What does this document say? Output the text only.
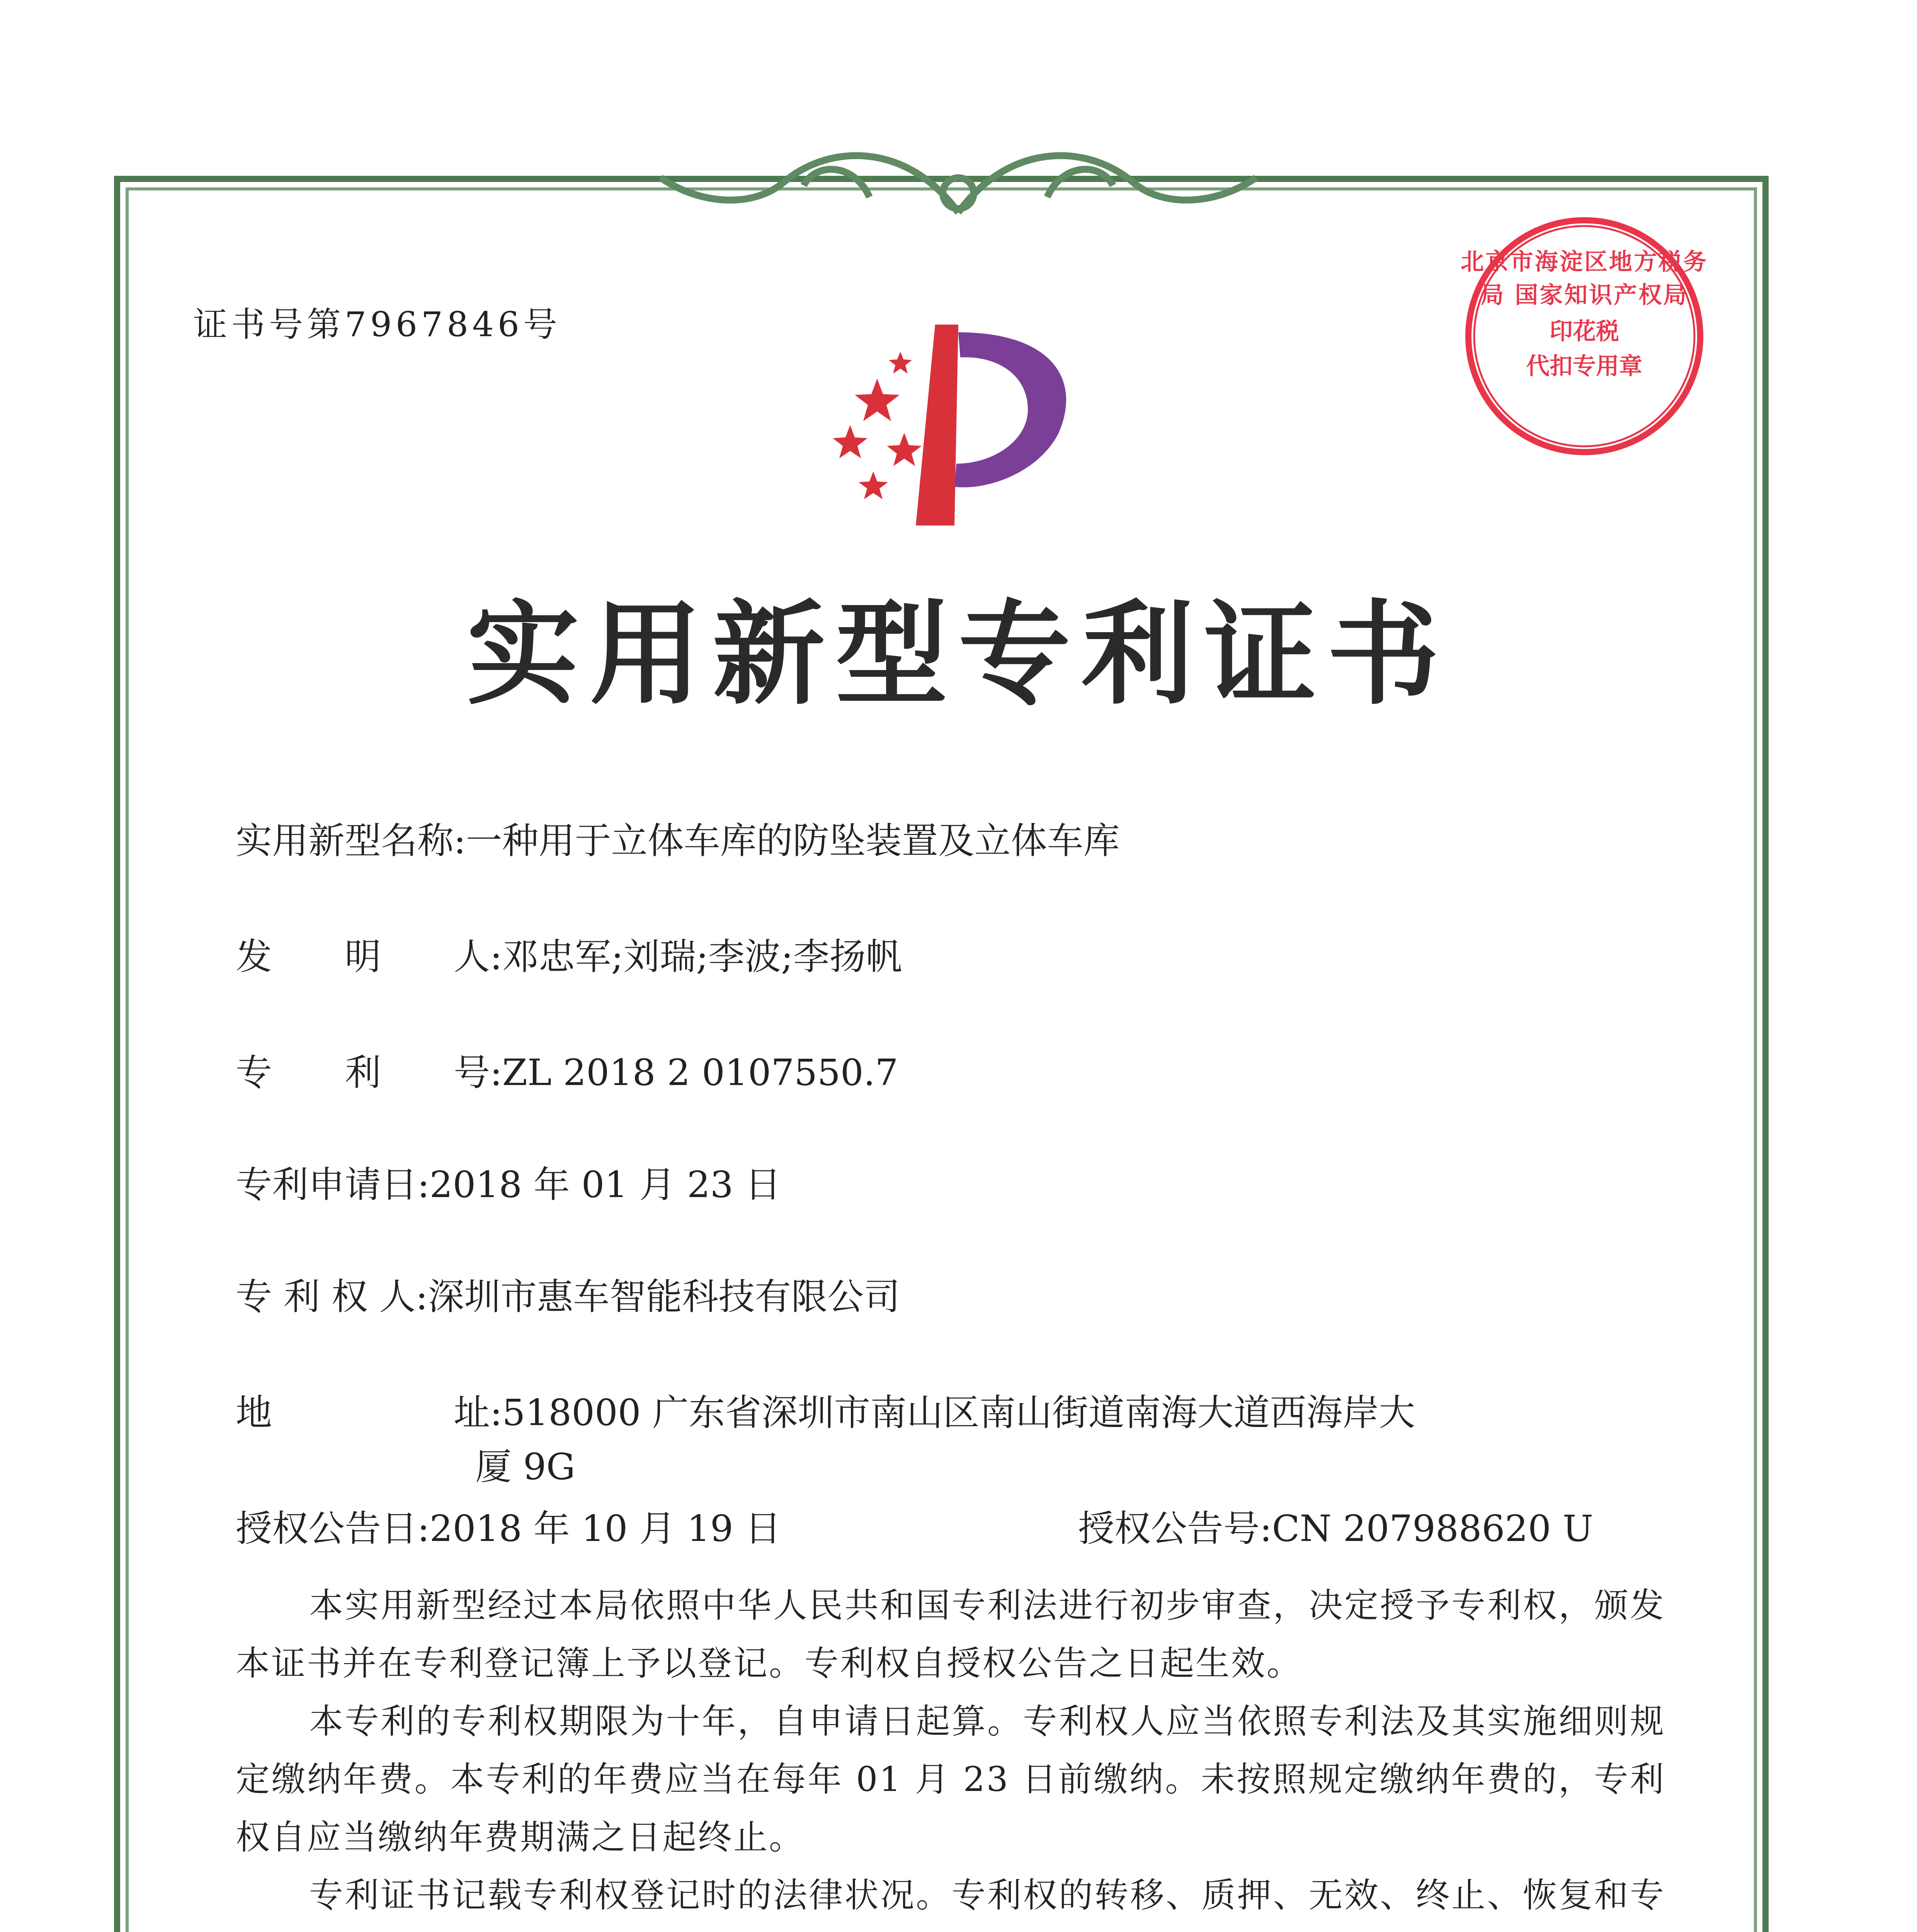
证书号第7967846号
北京市海淀区地方税务局 国家知识产权局
印花税
代扣专用章
实用新型专利证书
实用新型名称:一种用于立体车库的防坠装置及立体车库
发　　明　　人:邓忠军;刘瑞;李波;李扬帆
专　　利　　号:ZL 2018 2 0107550.7
专利申请日:2018 年 01 月 23 日
专 利 权 人:深圳市惠车智能科技有限公司
地　　　　　址:518000 广东省深圳市南山区南山街道南海大道西海岸大
厦 9G
授权公告日:2018 年 10 月 19 日	授权公告号:CN 207988620 U

本实用新型经过本局依照中华人民共和国专利法进行初步审查，决定授予专利权，颁发本证书并在专利登记簿上予以登记。专利权自授权公告之日起生效。

本专利的专利权期限为十年，自申请日起算。专利权人应当依照专利法及其实施细则规定缴纳年费。本专利的年费应当在每年 01 月 23 日前缴纳。未按照规定缴纳年费的，专利权自应当缴纳年费期满之日起终止。

专利证书记载专利权登记时的法律状况。专利权的转移、质押、无效、终止、恢复和专
